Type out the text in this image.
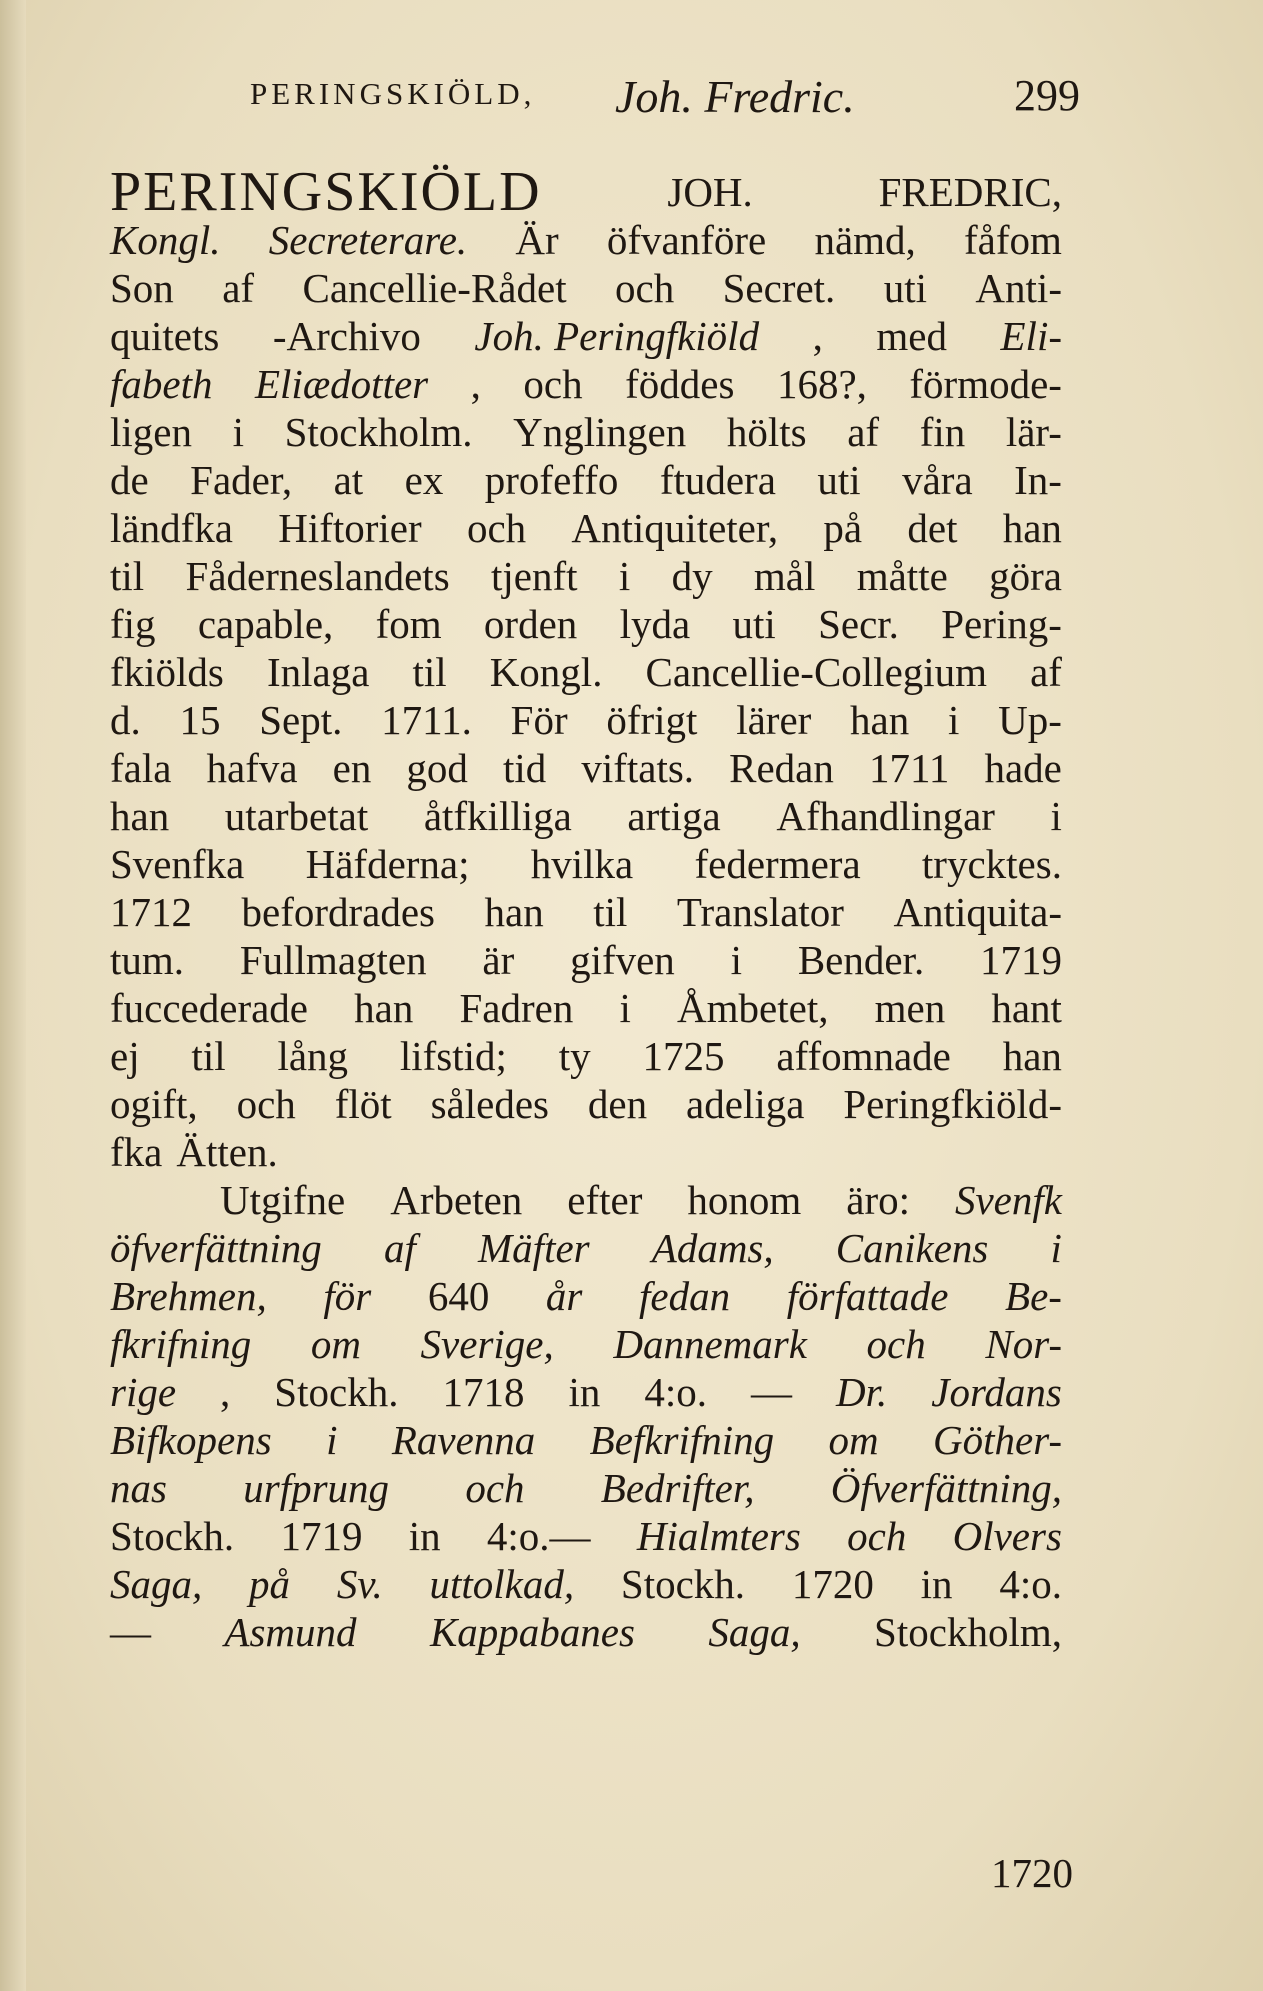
PERINGSKIÖLD, Joh. Fredric.	299
PERINGSKIÖLD	JOH.	FREDRIC,
Kongl. Secreterare. Är öfvanföre nämd, fåfom
Son af Cancellie-Rådet och Secret. uti Anti-
quitets -Archivo Joh. Peringfkiöld , med Eli-
fabeth Eliædotter , och föddes 168?, förmode-
ligen i Stockholm. Ynglingen hölts af fin lär-
de Fader, at ex profeffo ftudera uti våra In-
ländfka Hiftorier och Antiquiteter, på det han
til Fåderneslandets tjenft i dy mål måtte göra
fig capable, fom orden lyda uti Secr. Pering-
fkiölds Inlaga til Kongl. Cancellie-Collegium af
d. 15 Sept. 1711. För öfrigt lärer han i Up-
fala hafva en god tid viftats. Redan 1711 hade
han utarbetat åtfkilliga artiga Afhandlingar i
Svenfka Häfderna; hvilka federmera trycktes.
1712 befordrades han til Translator Antiquita-
tum. Fullmagten är gifven i Bender. 1719
fuccederade han Fadren i Åmbetet, men hant
ej til lång lifstid; ty 1725 affomnade han
ogift, och flöt således den adeliga Peringfkiöld-
fka Ätten.
Utgifne Arbeten efter honom äro: Svenfk
öfverfättning af Mäfter Adams, Canikens i
Brehmen, för 640 år fedan författade Be-
fkrifning om Sverige, Dannemark och Nor-
rige , Stockh. 1718 in 4:o. — Dr. Jordans
Bifkopens i Ravenna Befkrifning om Göther-
nas urfprung och Bedrifter, Öfverfättning,
Stockh. 1719 in 4:o.— Hialmters och Olvers
Saga, på Sv. uttolkad, Stockh. 1720 in 4:o.
— Asmund Kappabanes Saga, Stockholm,
1720
